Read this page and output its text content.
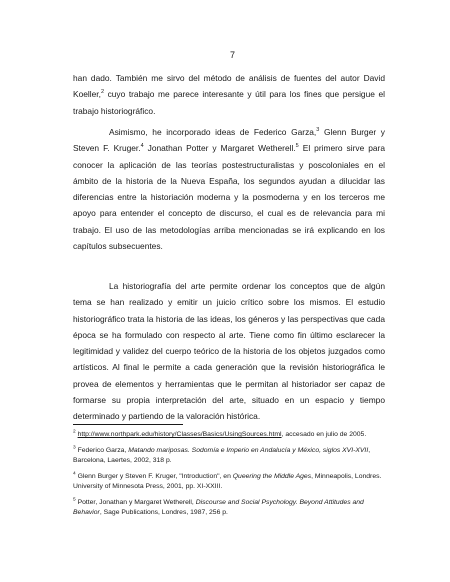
7
han dado. También me sirvo del método de análisis de fuentes del autor David Koeller,$^2$ cuyo trabajo me parece interesante y útil para los fines que persigue el trabajo historiográfico.
Asimismo, he incorporado ideas de Federico Garza,$^3$ Glenn Burger y Steven F. Kruger.$^4$ Jonathan Potter y Margaret Wetherell.$^5$ El primero sirve para conocer la aplicación de las teorías postestructuralistas y poscoloniales en el ámbito de la historia de la Nueva España, los segundos ayudan a dilucidar las diferencias entre la historiación moderna y la posmoderna y en los terceros me apoyo para entender el concepto de discurso, el cual es de relevancia para mi trabajo. El uso de las metodologías arriba mencionadas se irá explicando en los capítulos subsecuentes.
La historiografía del arte permite ordenar los conceptos que de algún tema se han realizado y emitir un juicio crítico sobre los mismos. El estudio historiográfico trata la historia de las ideas, los géneros y las perspectivas que cada época se ha formulado con respecto al arte. Tiene como fin último esclarecer la legitimidad y validez del cuerpo teórico de la historia de los objetos juzgados como artísticos. Al final le permite a cada generación que la revisión historiográfica le provea de elementos y herramientas que le permitan al historiador ser capaz de formarse su propia interpretación del arte, situado en un espacio y tiempo determinado y partiendo de la valoración histórica.

$^2$ http://www.northpark.edu/history/Classes/Basics/UsingSources.html, accesado en julio de 2005.

$^3$ Federico Garza, Matando mariposas. Sodomía e Imperio en Andalucía y México, siglos XVI-XVII, Barcelona, Laertes, 2002, 318 p.

$^4$ Glenn Burger y Steven F. Kruger, "Introduction", en Queering the Middle Ages, Minneapolis, Londres. University of Minnesota Press, 2001, pp. XI-XXIII.

$^5$ Potter, Jonathan y Margaret Wetherell, Discourse and Social Psychology. Beyond Attitudes and Behavior, Sage Publications, Londres, 1987, 256 p.
